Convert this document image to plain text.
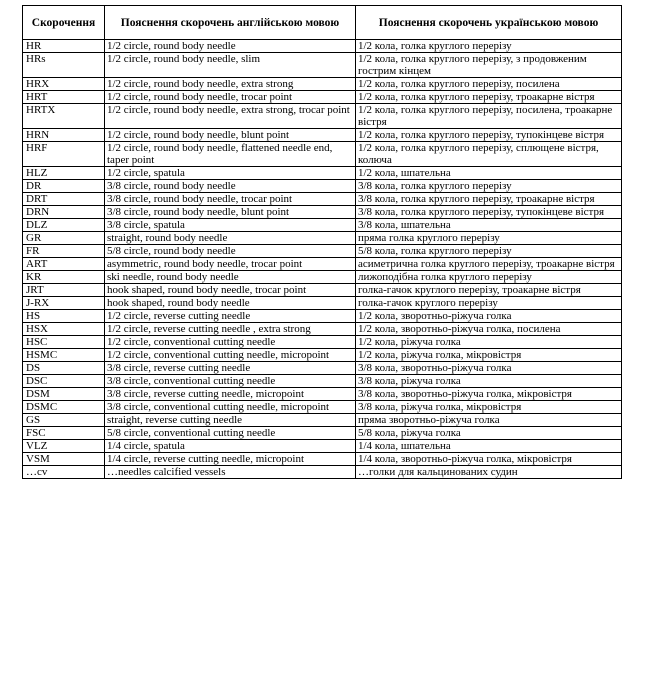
Скорочення	Пояснення скорочень англійською мовою	Пояснення скорочень українською мовою
HR	1/2 circle, round body needle	1/2 кола, голка круглого перерізу
HRs	1/2 circle, round body needle, slim	1/2 кола, голка круглого перерізу, з продовженим гострим кінцем
HRX	1/2 circle, round body needle, extra strong	1/2 кола, голка круглого перерізу, посилена
HRT	1/2 circle, round body needle, trocar point	1/2 кола, голка круглого перерізу, троакарне вістря
HRTX	1/2 circle, round body needle, extra strong, trocar point	1/2 кола, голка круглого перерізу, посилена, троакарне вістря
HRN	1/2 circle, round body needle, blunt point	1/2 кола, голка круглого перерізу, тупокінцеве вістря
HRF	1/2 circle, round body needle, flattened needle end, taper point	1/2 кола, голка круглого перерізу, сплющене вістря, колюча
HLZ	1/2 circle, spatula	1/2 кола, шпательна
DR	3/8 circle, round body needle	3/8 кола, голка круглого перерізу
DRT	3/8 circle, round body needle, trocar point	3/8 кола, голка круглого перерізу, троакарне вістря
DRN	3/8 circle, round body needle, blunt point	3/8 кола, голка круглого перерізу, тупокінцеве вістря
DLZ	3/8 circle, spatula	3/8 кола, шпательна
GR	straight, round body needle	пряма голка круглого перерізу
FR	5/8 circle, round body needle	5/8 кола, голка круглого перерізу
ART	asymmetric, round body needle, trocar point	асиметрична голка круглого перерізу, троакарне вістря
KR	ski needle, round body needle	лижоподібна голка круглого перерізу
JRT	hook shaped, round body needle, trocar point	голка-гачок круглого перерізу, троакарне вістря
J-RX	hook shaped, round body needle	голка-гачок круглого перерізу
HS	1/2 circle, reverse cutting needle	1/2 кола, зворотньо-ріжуча голка
HSX	1/2 circle, reverse cutting needle , extra strong	1/2 кола, зворотньо-ріжуча голка, посилена
HSC	1/2 circle, conventional cutting needle	1/2 кола, ріжуча голка
HSMC	1/2 circle, conventional cutting needle, micropoint	1/2 кола, ріжуча голка, мікровістря
DS	3/8 circle, reverse cutting needle	3/8 кола, зворотньо-ріжуча голка
DSC	3/8 circle, conventional cutting needle	3/8 кола, ріжуча голка
DSM	3/8 circle, reverse cutting needle, micropoint	3/8 кола, зворотньо-ріжуча голка, мікровістря
DSMC	3/8 circle, conventional cutting needle, micropoint	3/8 кола, ріжуча голка, мікровістря
GS	straight, reverse cutting needle	пряма зворотньо-ріжуча голка
FSC	5/8 circle, conventional cutting needle	5/8 кола, ріжуча голка
VLZ	1/4 circle, spatula	1/4 кола, шпательна
VSM	1/4 circle, reverse cutting needle, micropoint	1/4 кола, зворотньо-ріжуча голка, мікровістря
…cv	…needles calcified vessels	…голки для кальцинованих судин
